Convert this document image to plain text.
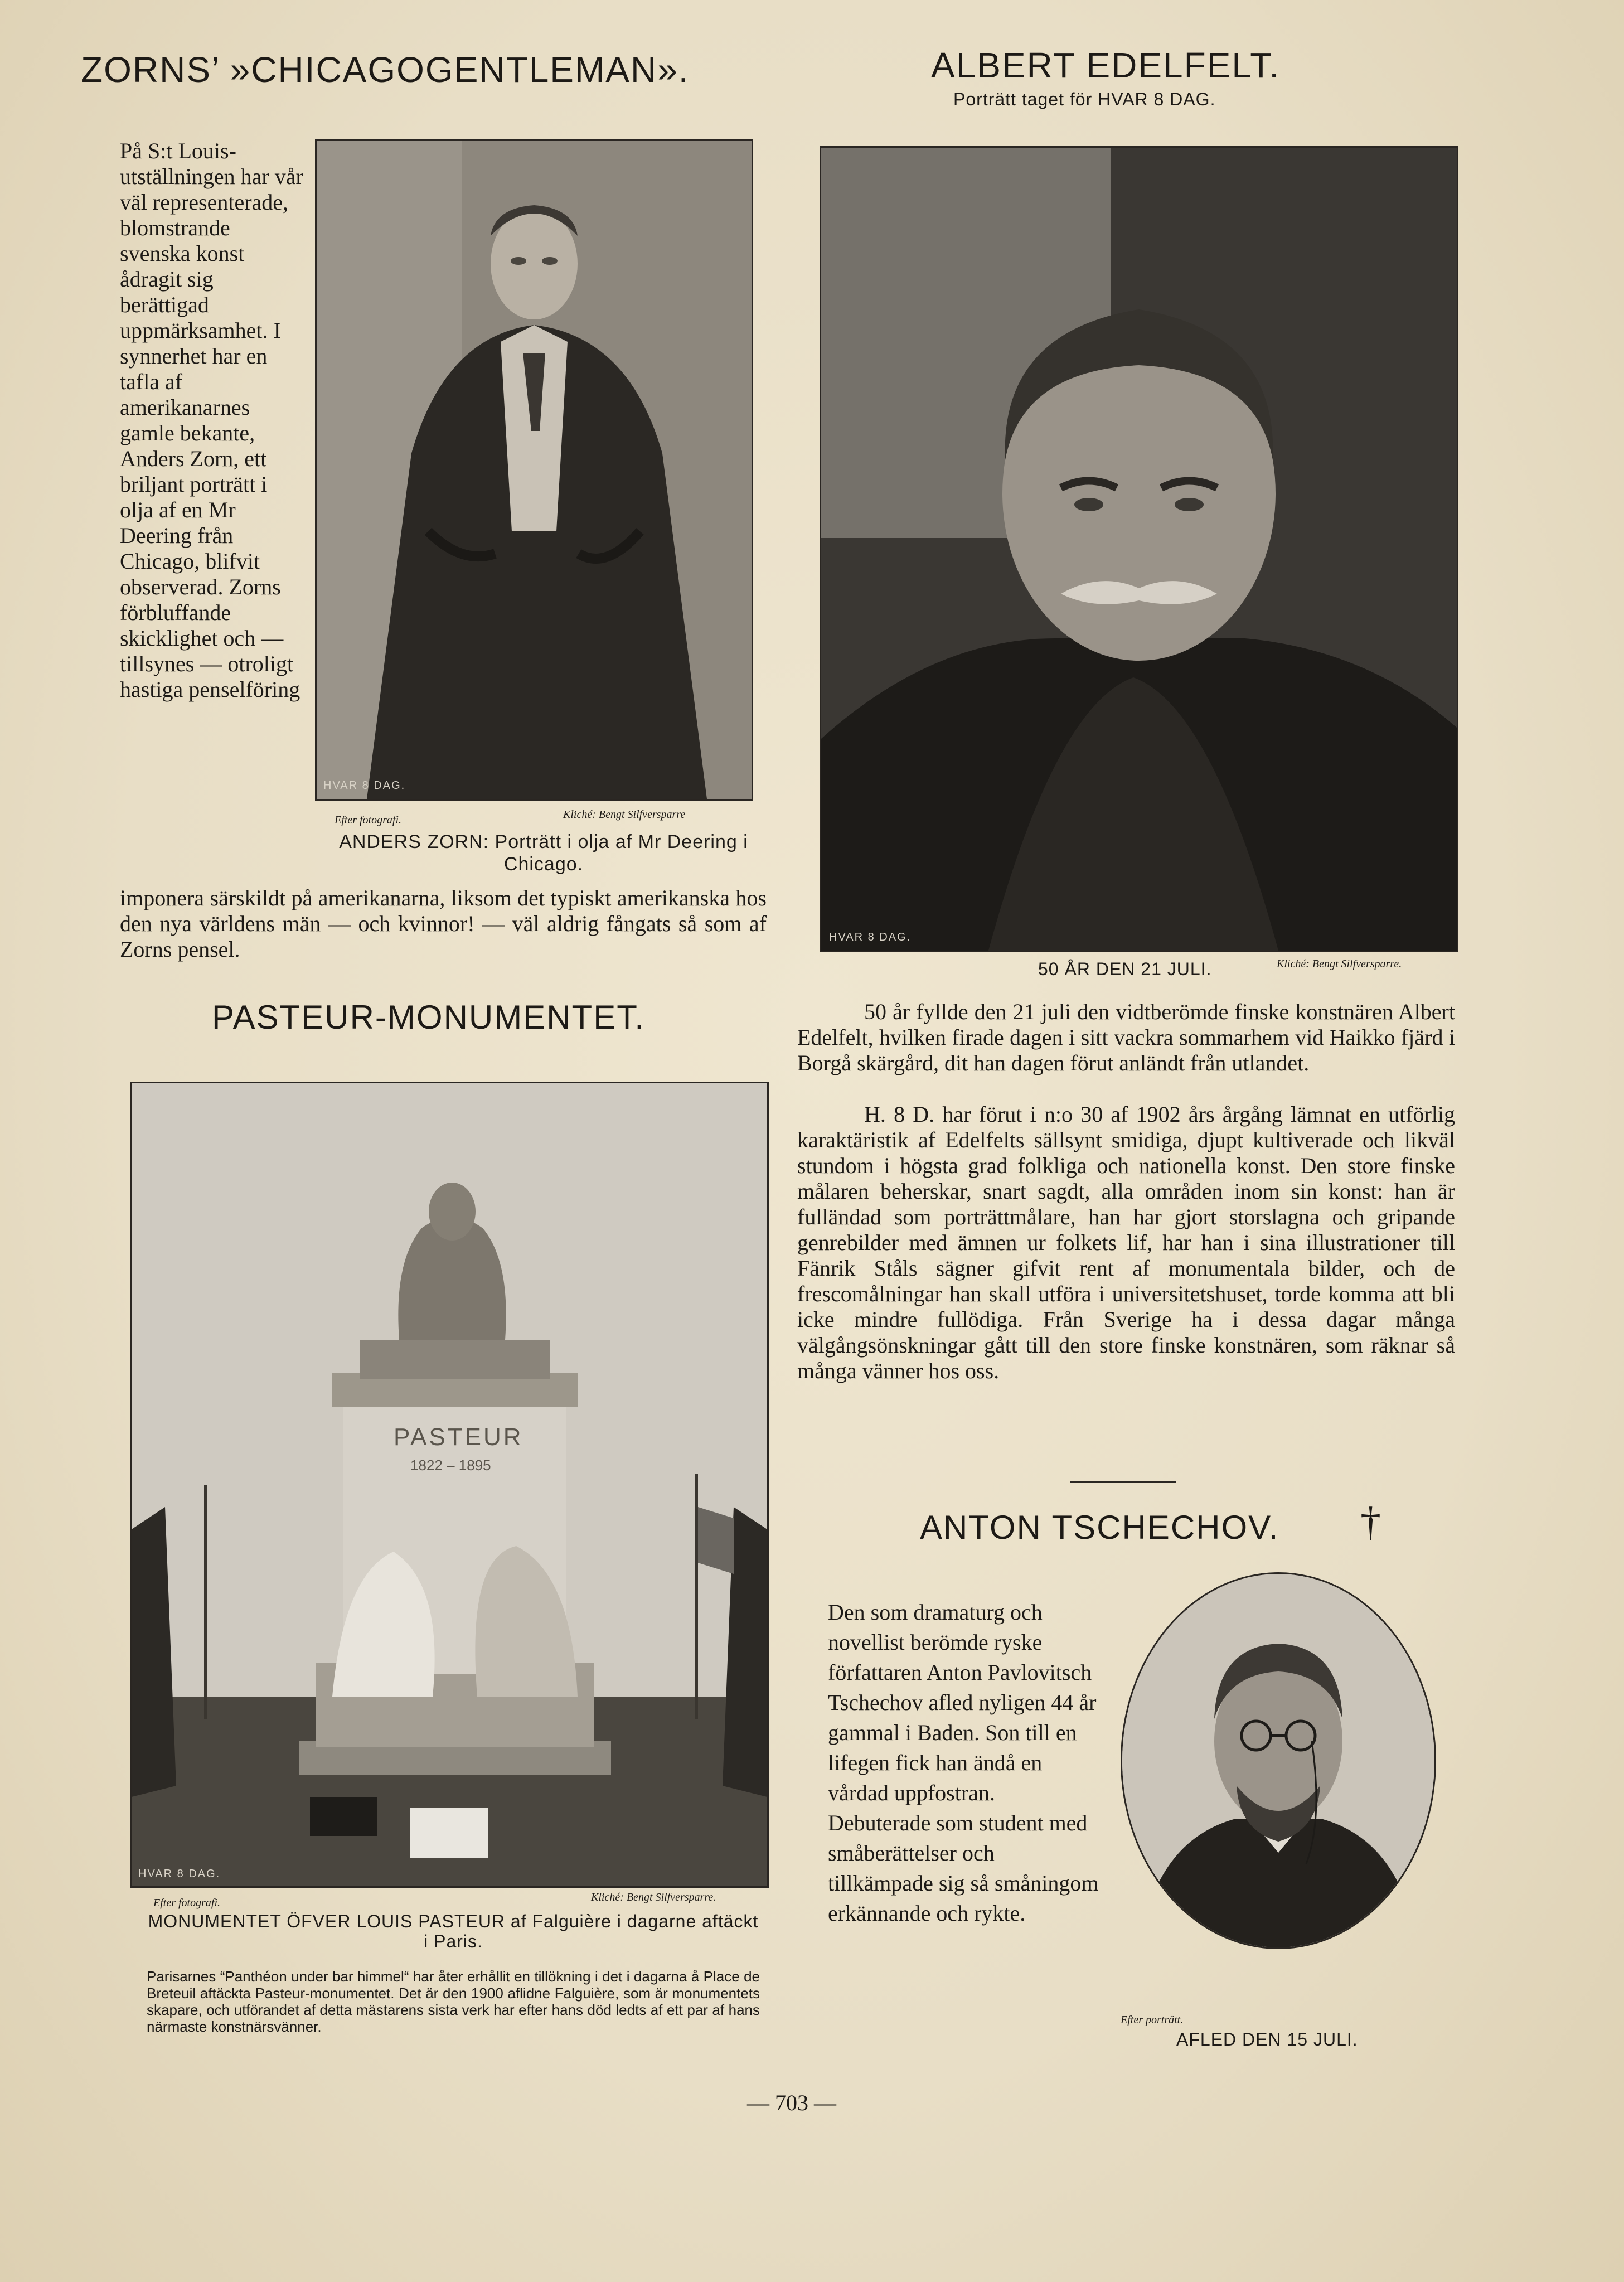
ZORNS’ »CHICAGOGENTLEMAN».
HVAR 8 DAG.

På S:t Louis-utställningen har vår väl representerade, blomstrande svenska konst ådragit sig berättigad uppmärksamhet. I synnerhet har en tafla af amerikanarnes gamle bekante, Anders Zorn, ett briljant porträtt i olja af en Mr Deering från Chicago, blifvit observerad. Zorns förbluffande skicklighet och — tillsynes — otroligt hastiga penselföring

Efter fotografi.	Kliché: Bengt Silfversparre

ANDERS ZORN: Porträtt i olja af Mr Deering i Chicago.

imponera särskildt på amerikanarna, liksom det typiskt amerikanska hos den nya världens män — och kvinnor! — väl aldrig fångats så som af Zorns pensel.

PASTEUR-MONUMENTET.
PASTEUR
1822 – 1895
HVAR 8 DAG.
Efter fotografi.	Kliché: Bengt Silfversparre.

MONUMENTET ÖFVER LOUIS PASTEUR af Falguière i dagarne aftäckt i Paris.

Parisarnes “Panthéon under bar himmel“ har åter erhållit en tillökning i det i dagarna å Place de Breteuil aftäckta Pasteur-monumentet. Det är den 1900 aflidne Falguière, som är monumentets skapare, och utförandet af detta mästarens sista verk har efter hans död ledts af ett par af hans närmaste konstnärsvänner.

ALBERT EDELFELT.
Porträtt taget för HVAR 8 DAG.
HVAR 8 DAG.
50 ÅR DEN 21 JULI.	Kliché: Bengt Silfversparre.

50 år fyllde den 21 juli den vidtberömde finske konstnären Albert Edelfelt, hvilken firade dagen i sitt vackra sommarhem vid Haikko fjärd i Borgå skärgård, dit han dagen förut anländt från utlandet.

H. 8 D. har förut i n:o 30 af 1902 års årgång lämnat en utförlig karaktäristik af Edelfelts sällsynt smidiga, djupt kultiverade och likväl stundom i högsta grad folkliga och nationella konst. Den store finske målaren beherskar, snart sagdt, alla områden inom sin konst: han är fulländad som porträttmålare, han har gjort storslagna och gripande genrebilder med ämnen ur folkets lif, har han i sina illustrationer till Fänrik Ståls sägner gifvit rent af monumentala bilder, och de frescomålningar han skall utföra i universitetshuset, torde komma att bli icke mindre fullödiga. Från Sverige ha i dessa dagar många välgångsönskningar gått till den store finske konstnären, som räknar så många vänner hos oss.

ANTON TSCHECHOV. †

Den som dramaturg och novellist berömde ryske författaren Anton Pavlovitsch Tschechov afled nyligen 44 år gammal i Baden. Son till en lifegen fick han ändå en vårdad uppfostran. Debuterade som student med småberättelser och tillkämpade sig så småningom erkännande och rykte.

Efter porträtt.
AFLED DEN 15 JULI.
— 703 —
